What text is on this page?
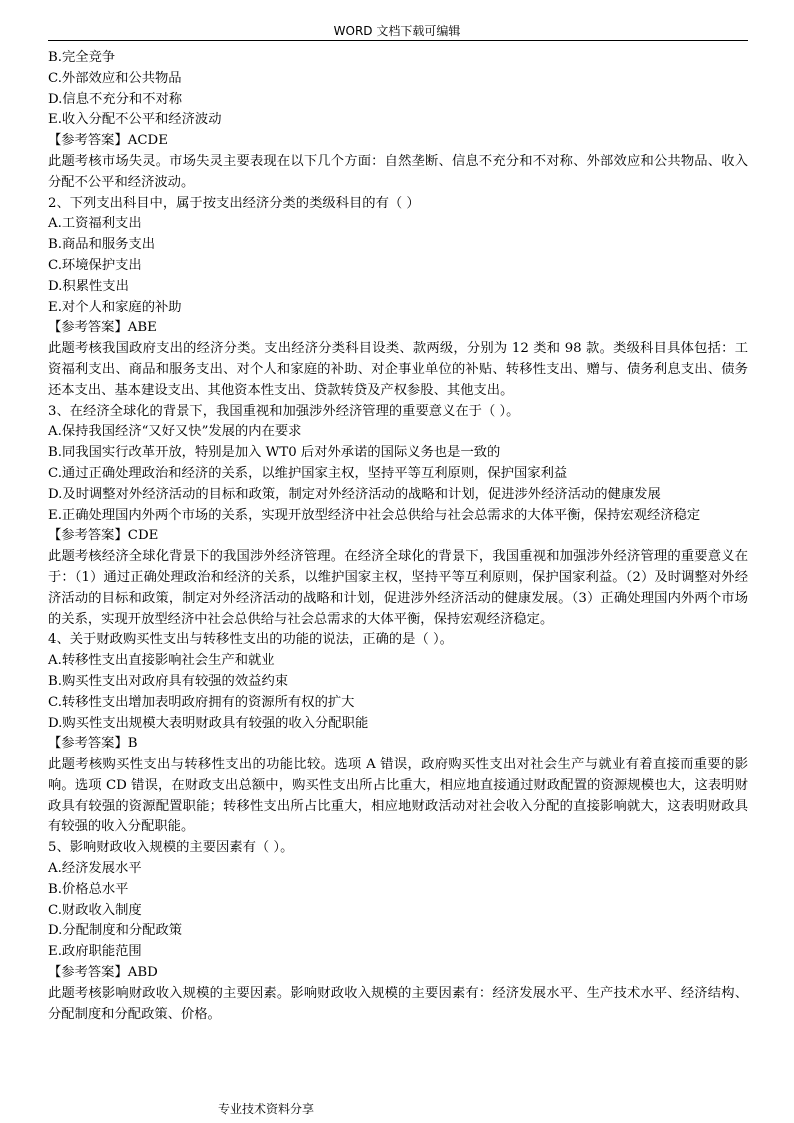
WORD 文档下载可编辑

B.完全竞争

C.外部效应和公共物品

D.信息不充分和不对称

E.收入分配不公平和经济波动

【参考答案】ACDE

此题考核市场失灵。市场失灵主要表现在以下几个方面：自然垄断、信息不充分和不对称、外部效应和公共物品、收入分配不公平和经济波动。

2、下列支出科目中，属于按支出经济分类的类级科目的有（ ）

A.工资福利支出

B.商品和服务支出

C.环境保护支出

D.积累性支出

E.对个人和家庭的补助

【参考答案】ABE

此题考核我国政府支出的经济分类。支出经济分类科目设类、款两级，分别为 12 类和 98 款。类级科目具体包括：工资福利支出、商品和服务支出、对个人和家庭的补助、对企事业单位的补贴、转移性支出、赠与、债务利息支出、债务还本支出、基本建设支出、其他资本性支出、贷款转贷及产权参股、其他支出。

3、在经济全球化的背景下，我国重视和加强涉外经济管理的重要意义在于（ ）。

A.保持我国经济“又好又快”发展的内在要求

B.同我国实行改革开放，特别是加入 WT0 后对外承诺的国际义务也是一致的

C.通过正确处理政治和经济的关系，以维护国家主权，坚持平等互利原则，保护国家利益

D.及时调整对外经济活动的目标和政策，制定对外经济活动的战略和计划，促进涉外经济活动的健康发展

E.正确处理国内外两个市场的关系，实现开放型经济中社会总供给与社会总需求的大体平衡，保持宏观经济稳定

【参考答案】CDE

此题考核经济全球化背景下的我国涉外经济管理。在经济全球化的背景下，我国重视和加强涉外经济管理的重要意义在于：（1）通过正确处理政治和经济的关系，以维护国家主权，坚持平等互利原则，保护国家利益。（2）及时调整对外经济活动的目标和政策，制定对外经济活动的战略和计划，促进涉外经济活动的健康发展。（3）正确处理国内外两个市场的关系，实现开放型经济中社会总供给与社会总需求的大体平衡，保持宏观经济稳定。

4、关于财政购买性支出与转移性支出的功能的说法，正确的是（ ）。

A.转移性支出直接影响社会生产和就业

B.购买性支出对政府具有较强的效益约束

C.转移性支出增加表明政府拥有的资源所有权的扩大

D.购买性支出规模大表明财政具有较强的收入分配职能

【参考答案】B

此题考核购买性支出与转移性支出的功能比较。选项 A 错误，政府购买性支出对社会生产与就业有着直接而重要的影响。选项 CD 错误，在财政支出总额中，购买性支出所占比重大，相应地直接通过财政配置的资源规模也大，这表明财政具有较强的资源配置职能；转移性支出所占比重大，相应地财政活动对社会收入分配的直接影响就大，这表明财政具有较强的收入分配职能。

5、影响财政收入规模的主要因素有（ ）。

A.经济发展水平

B.价格总水平

C.财政收入制度

D.分配制度和分配政策

E.政府职能范围

【参考答案】ABD

此题考核影响财政收入规模的主要因素。影响财政收入规模的主要因素有：经济发展水平、生产技术水平、经济结构、分配制度和分配政策、价格。

专业技术资料分享
